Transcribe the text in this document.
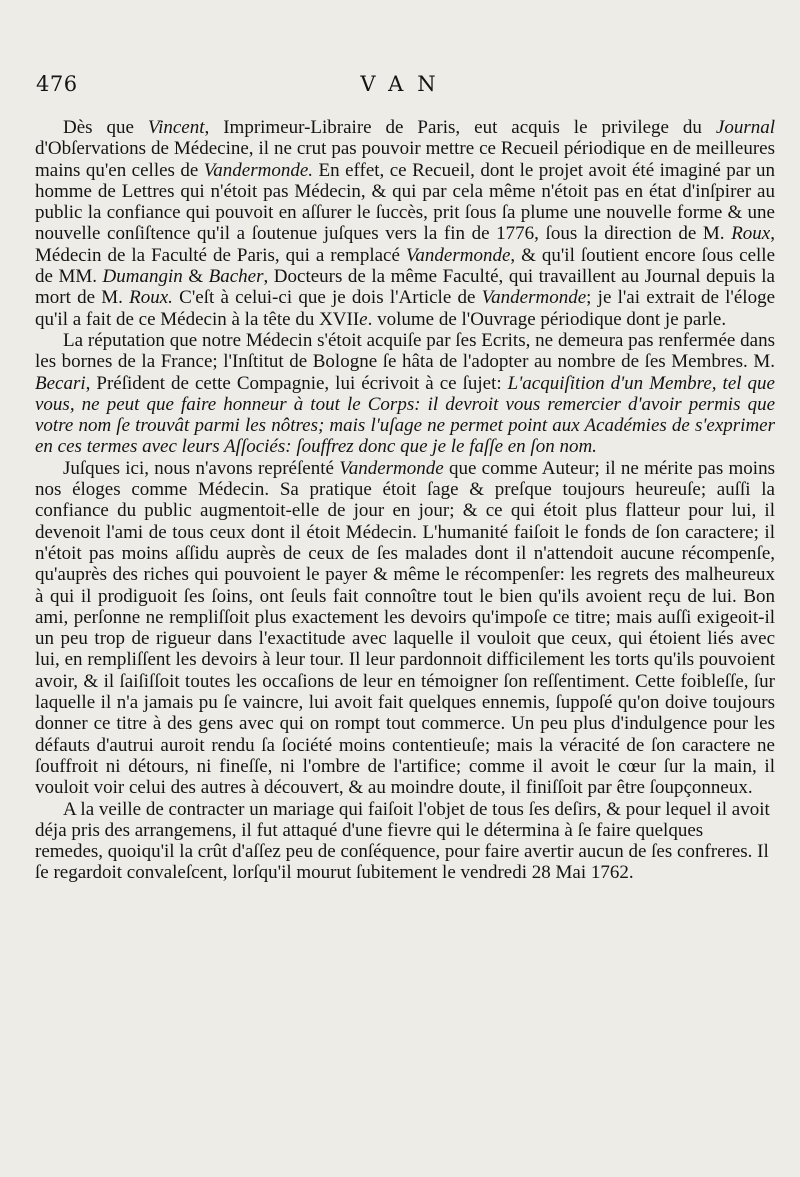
476	VAN

Dès que Vincent, Imprimeur-Libraire de Paris, eut acquis le privilege du Journal d'Obſervations de Médecine, il ne crut pas pouvoir mettre ce Recueil périodique en de meilleures mains qu'en celles de Vandermonde. En effet, ce Recueil, dont le projet avoit été imaginé par un homme de Lettres qui n'étoit pas Médecin, & qui par cela même n'étoit pas en état d'inſpirer au public la confiance qui pouvoit en aſſurer le ſuccès, prit ſous ſa plume une nouvelle forme & une nouvelle conſiſtence qu'il a ſoutenue juſques vers la fin de 1776, ſous la direction de M. Roux, Médecin de la Faculté de Paris, qui a remplacé Vandermonde, & qu'il ſoutient encore ſous celle de MM. Dumangin & Bacher, Docteurs de la même Faculté, qui travaillent au Journal depuis la mort de M. Roux. C'eſt à celui-ci que je dois l'Article de Vandermonde; je l'ai extrait de l'éloge qu'il a fait de ce Médecin à la tête du XVIIe. volume de l'Ouvrage périodique dont je parle.

La réputation que notre Médecin s'étoit acquiſe par ſes Ecrits, ne demeura pas renfermée dans les bornes de la France; l'Inſtitut de Bologne ſe hâta de l'adopter au nombre de ſes Membres. M. Becari, Préſident de cette Compagnie, lui écrivoit à ce ſujet: L'acquiſition d'un Membre, tel que vous, ne peut que faire honneur à tout le Corps: il devroit vous remercier d'avoir permis que votre nom ſe trouvât parmi les nôtres; mais l'uſage ne permet point aux Académies de s'exprimer en ces termes avec leurs Aſſociés: ſouffrez donc que je le faſſe en ſon nom.

Juſques ici, nous n'avons repréſenté Vandermonde que comme Auteur; il ne mérite pas moins nos éloges comme Médecin. Sa pratique étoit ſage & preſque toujours heureuſe; auſſi la confiance du public augmentoit-elle de jour en jour; & ce qui étoit plus flatteur pour lui, il devenoit l'ami de tous ceux dont il étoit Médecin. L'humanité faiſoit le fonds de ſon caractere; il n'étoit pas moins aſſidu auprès de ceux de ſes malades dont il n'attendoit aucune récompenſe, qu'auprès des riches qui pouvoient le payer & même le récompenſer: les regrets des malheureux à qui il prodiguoit ſes ſoins, ont ſeuls fait connoître tout le bien qu'ils avoient reçu de lui. Bon ami, perſonne ne rempliſſoit plus exactement les devoirs qu'impoſe ce titre; mais auſſi exigeoit-il un peu trop de rigueur dans l'exactitude avec laquelle il vouloit que ceux, qui étoient liés avec lui, en rempliſſent les devoirs à leur tour. Il leur pardonnoit difficilement les torts qu'ils pouvoient avoir, & il ſaiſiſſoit toutes les occaſions de leur en témoigner ſon reſſentiment. Cette foibleſſe, ſur laquelle il n'a jamais pu ſe vaincre, lui avoit fait quelques ennemis, ſuppoſé qu'on doive toujours donner ce titre à des gens avec qui on rompt tout commerce. Un peu plus d'indulgence pour les défauts d'autrui auroit rendu ſa ſociété moins contentieuſe; mais la véracité de ſon caractere ne ſouffroit ni détours, ni fineſſe, ni l'ombre de l'artifice; comme il avoit le cœur ſur la main, il vouloit voir celui des autres à découvert, & au moindre doute, il finiſſoit par être ſoupçonneux.

A la veille de contracter un mariage qui faiſoit l'objet de tous ſes deſirs, & pour lequel il avoit déja pris des arrangemens, il fut attaqué d'une fievre qui le détermina à ſe faire quelques remedes, quoiqu'il la crût d'aſſez peu de conſéquence, pour faire avertir aucun de ſes confreres. Il ſe regardoit convaleſcent, lorſqu'il mourut ſubitement le vendredi 28 Mai 1762.
